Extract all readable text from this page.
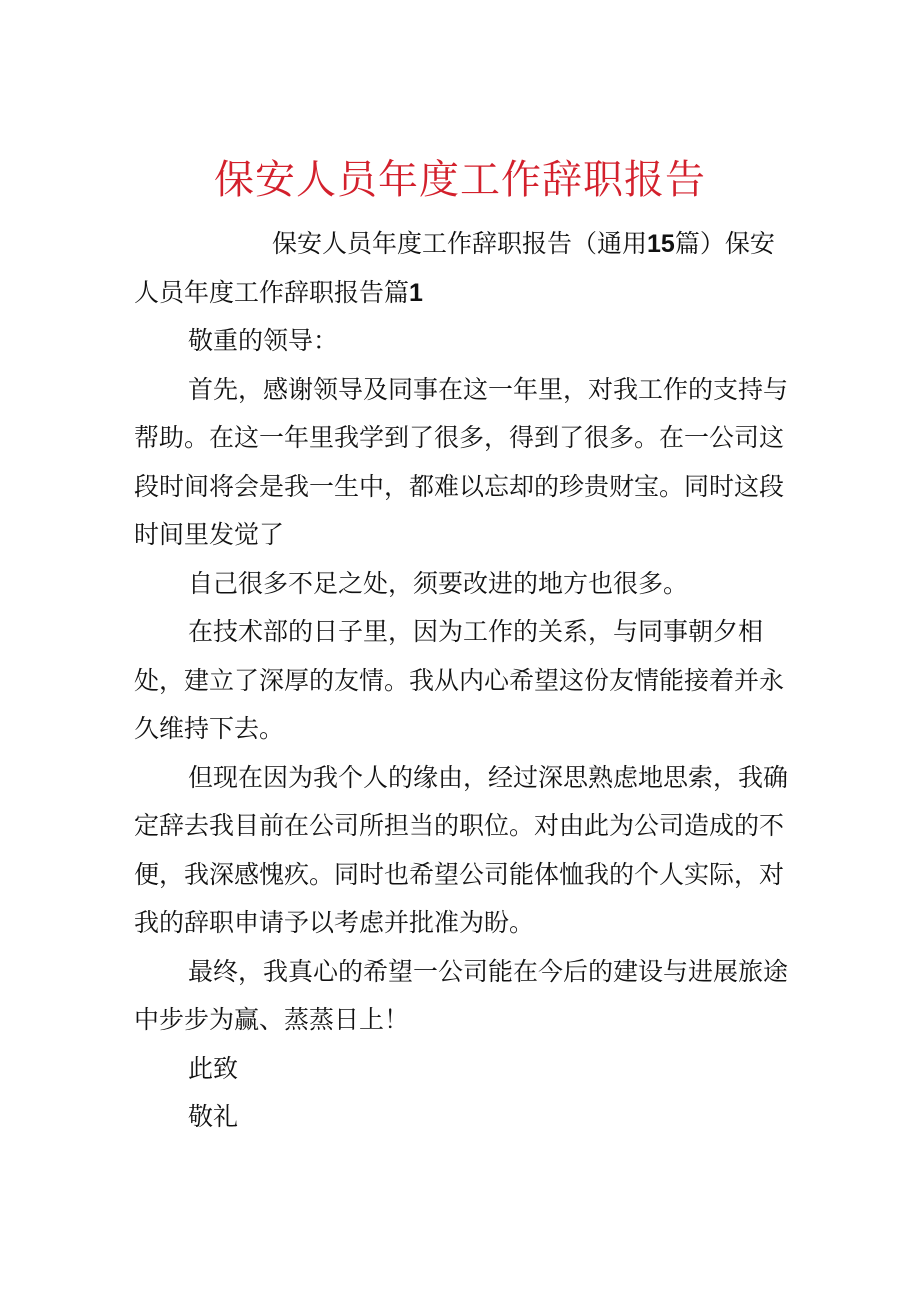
保安人员年度工作辞职报告

保安人员年度工作辞职报告（通用15篇）保安人员年度工作辞职报告篇1

敬重的领导：

首先，感谢领导及同事在这一年里，对我工作的支持与帮助。在这一年里我学到了很多，得到了很多。在一公司这段时间将会是我一生中，都难以忘却的珍贵财宝。同时这段时间里发觉了

自己很多不足之处，须要改进的地方也很多。

在技术部的日子里，因为工作的关系，与同事朝夕相处，建立了深厚的友情。我从内心希望这份友情能接着并永久维持下去。

但现在因为我个人的缘由，经过深思熟虑地思索，我确定辞去我目前在公司所担当的职位。对由此为公司造成的不便，我深感愧疚。同时也希望公司能体恤我的个人实际，对我的辞职申请予以考虑并批准为盼。

最终，我真心的希望一公司能在今后的建设与进展旅途中步步为赢、蒸蒸日上！

此致

敬礼
